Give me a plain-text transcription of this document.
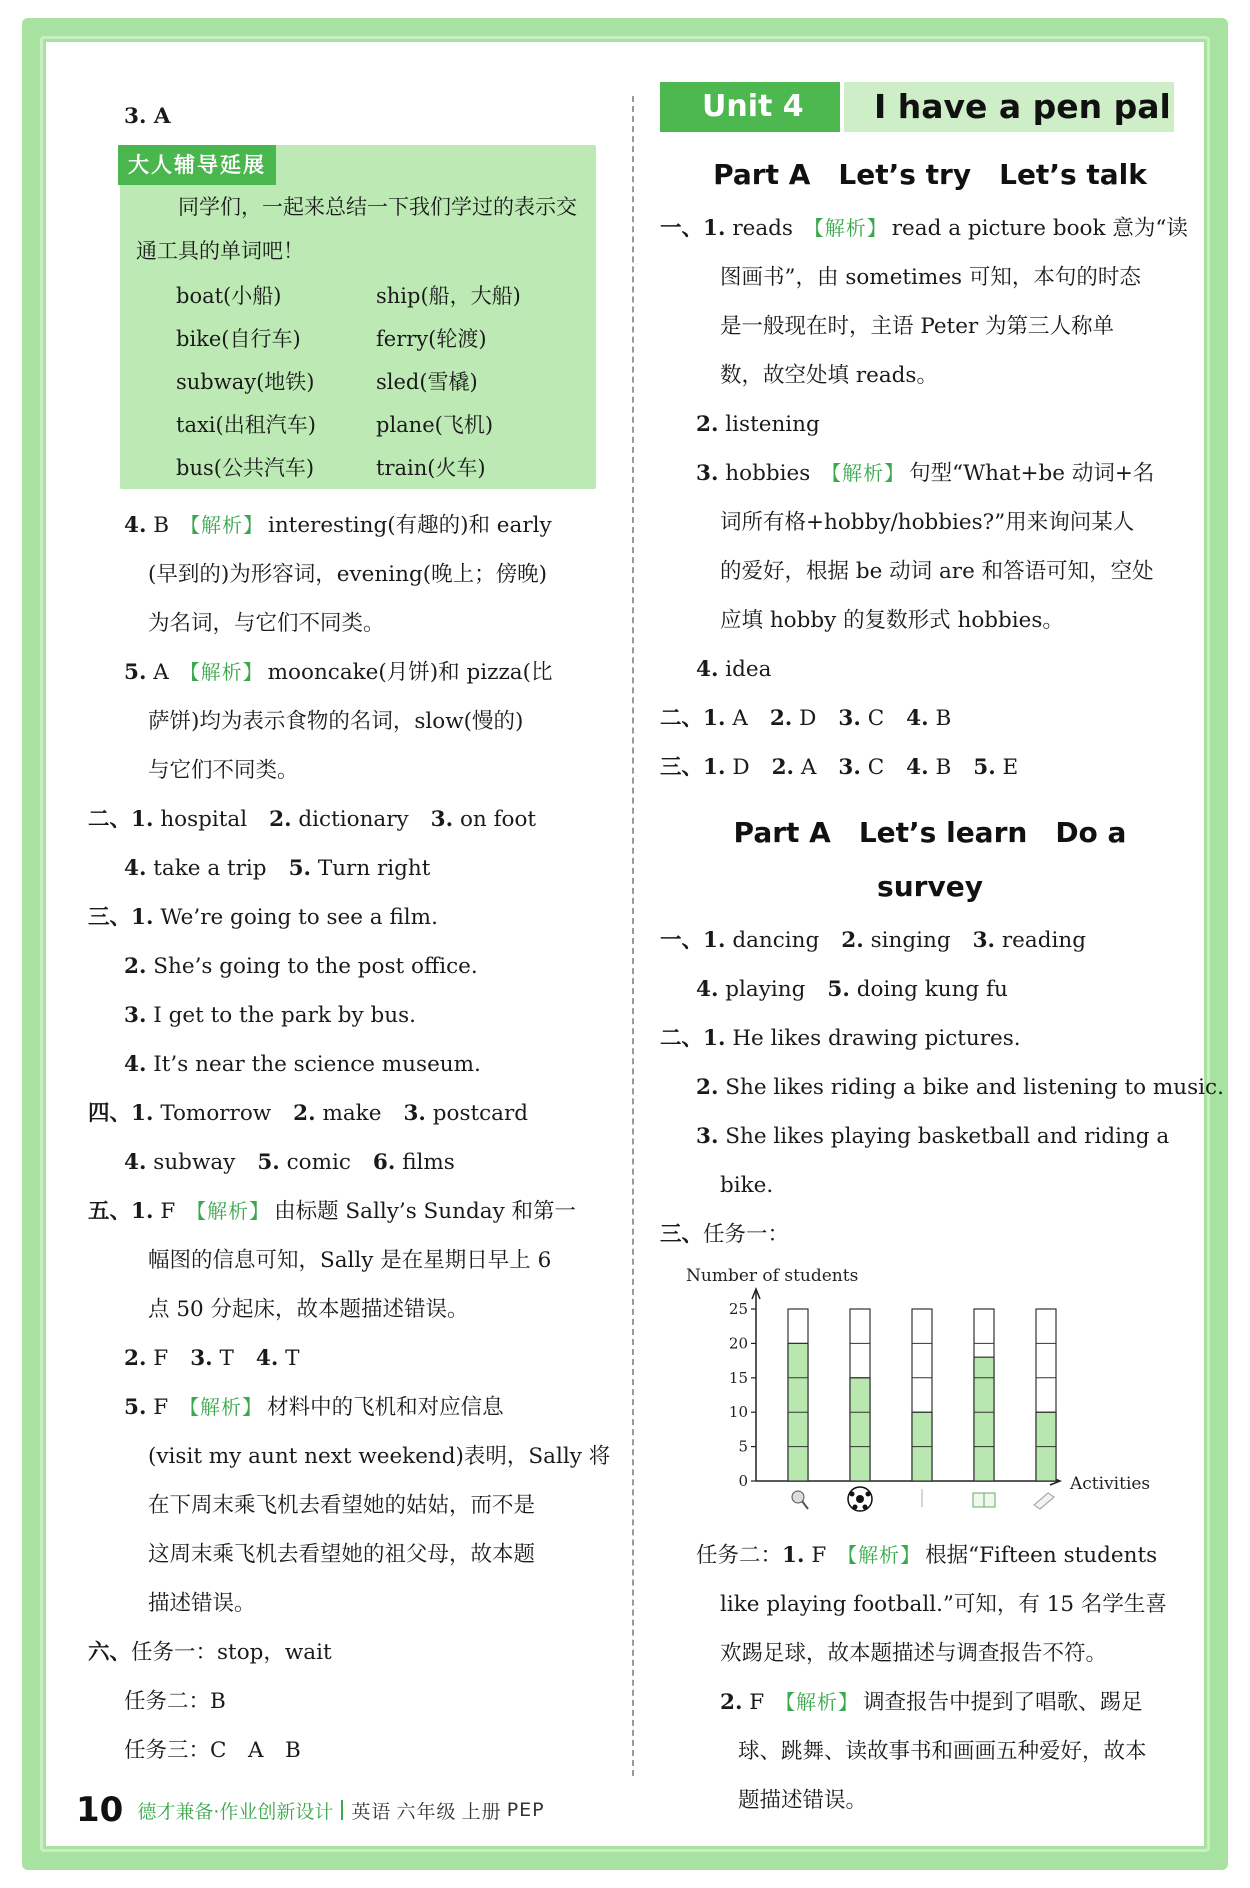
3. A
大人辅导延展
同学们，一起来总结一下我们学过的表示交通工具的单词吧！
boat(小船)	ship(船，大船)
bike(自行车)	ferry(轮渡)
subway(地铁)	sled(雪橇)
taxi(出租汽车)	plane(飞机)
bus(公共汽车)	train(火车)
4. B 【解析】 interesting(有趣的)和 early
(早到的)为形容词，evening(晚上；傍晚)
为名词，与它们不同类。
5. A 【解析】 mooncake(月饼)和 pizza(比
萨饼)均为表示食物的名词，slow(慢的)
与它们不同类。
二、1. hospital 2. dictionary 3. on foot
4. take a trip 5. Turn right
三、1. We’re going to see a film.
2. She’s going to the post office.
3. I get to the park by bus.
4. It’s near the science museum.
四、1. Tomorrow 2. make 3. postcard
4. subway 5. comic 6. films
五、1. F 【解析】 由标题 Sally’s Sunday 和第一
幅图的信息可知，Sally 是在星期日早上 6
点 50 分起床，故本题描述错误。
2. F 3. T 4. T
5. F 【解析】 材料中的飞机和对应信息
(visit my aunt next weekend)表明，Sally 将
在下周末乘飞机去看望她的姑姑，而不是
这周末乘飞机去看望她的祖父母，故本题
描述错误。
六、任务一：stop，wait
任务二：B
任务三：C　A　B
Unit 4	I have a pen pal
Part A　Let’s try　Let’s talk
一、1. reads 【解析】 read a picture book 意为“读
图画书”，由 sometimes 可知，本句的时态
是一般现在时，主语 Peter 为第三人称单
数，故空处填 reads。
2. listening
3. hobbies 【解析】 句型“What+be 动词+名
词所有格+hobby/hobbies?”用来询问某人
的爱好，根据 be 动词 are 和答语可知，空处
应填 hobby 的复数形式 hobbies。
4. idea
二、1. A 2. D 3. C 4. B
三、1. D 2. A 3. C 4. B 5. E
Part A　Let’s learn　Do a survey
一、1. dancing 2. singing 3. reading
4. playing 5. doing kung fu
二、1. He likes drawing pictures.
2. She likes riding a bike and listening to music.
3. She likes playing basketball and riding a
bike.
三、任务一：
Number of students
Activities
0
5
10
15
20
25
任务二：1. F 【解析】 根据“Fifteen students
like playing football.”可知，有 15 名学生喜
欢踢足球，故本题描述与调查报告不符。
2. F 【解析】 调查报告中提到了唱歌、踢足
球、跳舞、读故事书和画画五种爱好，故本
题描述错误。
10 德才兼备·作业创新设计 英语
六年级
上册
PEP
